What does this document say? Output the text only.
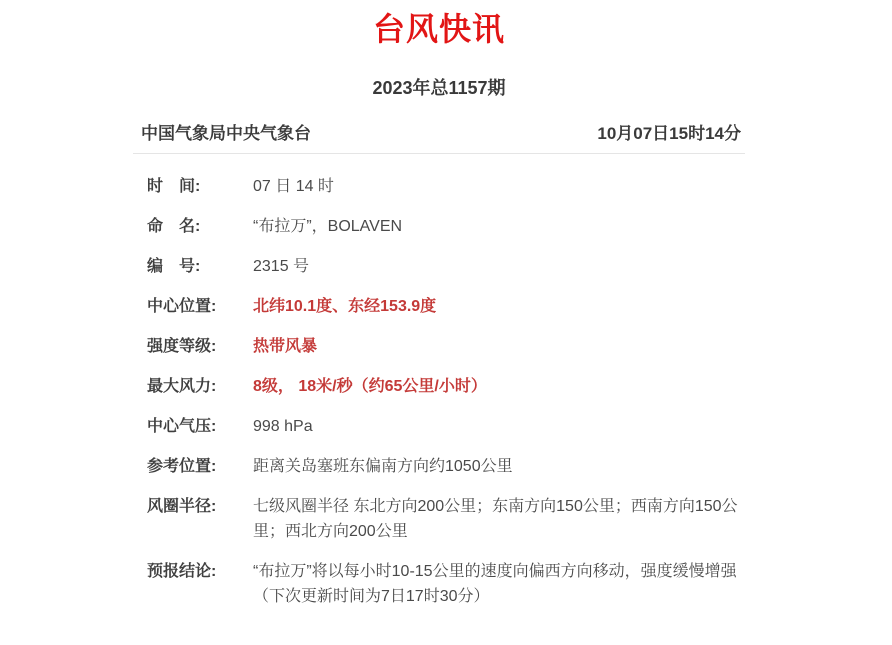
台风快讯
2023年总1157期
中国气象局中央气象台	10月07日15时14分
时　间:	07 日 14 时
命　名:	“布拉万”，BOLAVEN
编　号:	2315 号
中心位置:	北纬10.1度、东经153.9度
强度等级:	热带风暴
最大风力:	8级， 18米/秒（约65公里/小时）
中心气压:	998 hPa
参考位置:	距离关岛塞班东偏南方向约1050公里
风圈半径:	七级风圈半径 东北方向200公里；东南方向150公里；西南方向150公里；西北方向200公里
预报结论:	“布拉万”将以每小时10-15公里的速度向偏西方向移动，强度缓慢增强
（下次更新时间为7日17时30分）
